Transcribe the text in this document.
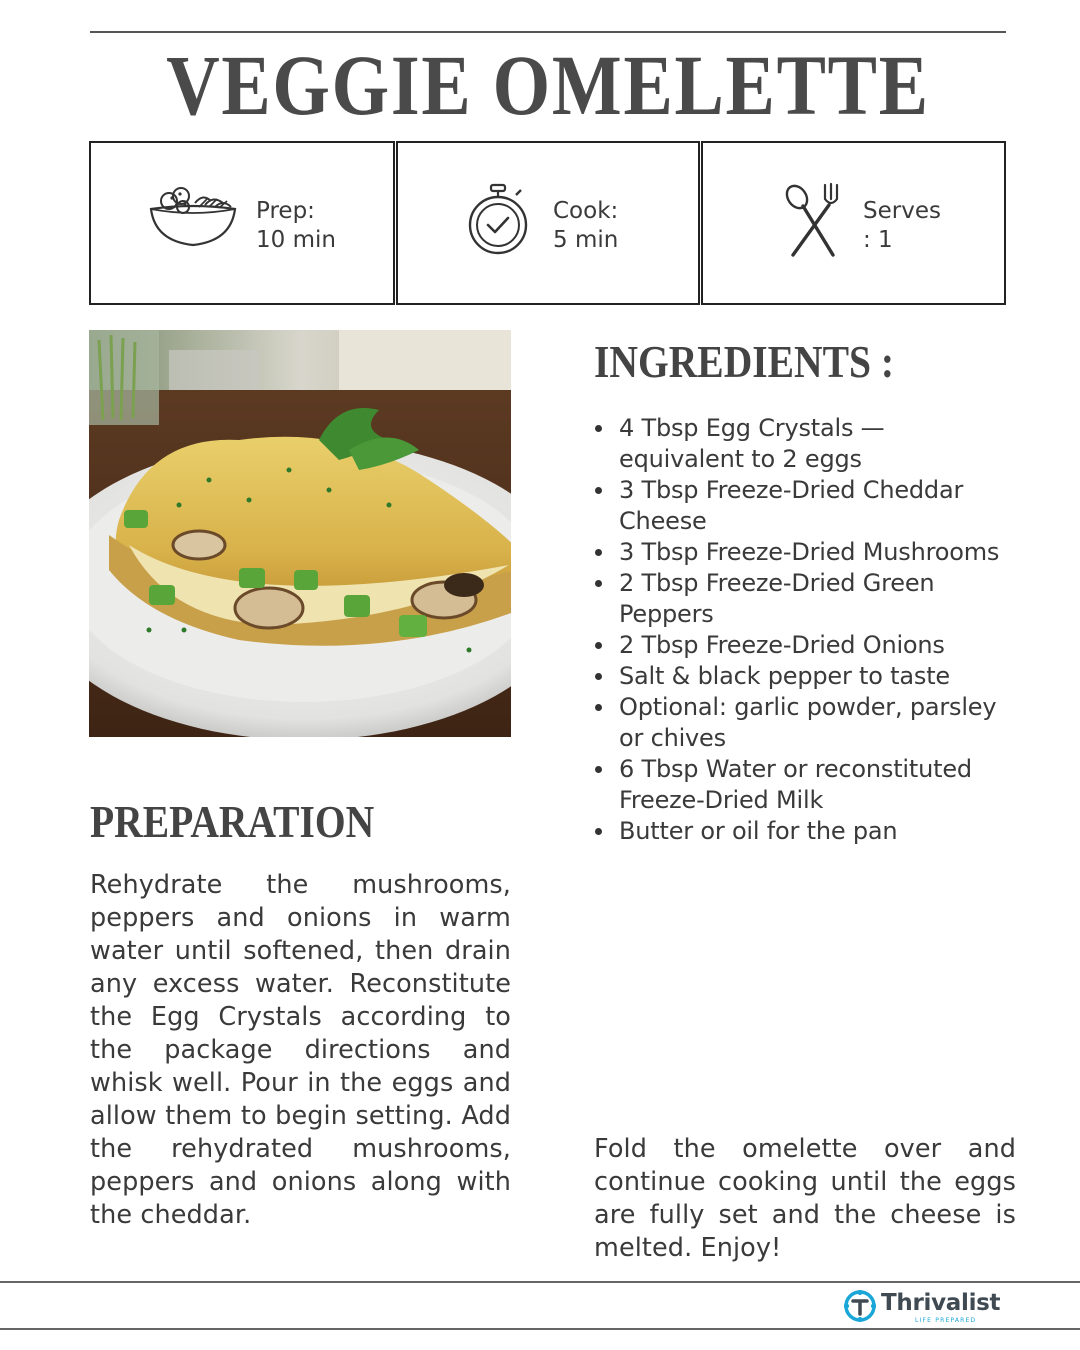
VEGGIE OMELETTE
Prep:
10 min
Cook:
5 min
Serves
: 1
INGREDIENTS :
4 Tbsp Egg Crystals — equivalent to 2 eggs
3 Tbsp Freeze-Dried Cheddar Cheese
3 Tbsp Freeze-Dried Mushrooms
2 Tbsp Freeze-Dried Green Peppers
2 Tbsp Freeze-Dried Onions
Salt & black pepper to taste
Optional: garlic powder, parsley or chives
6 Tbsp Water or reconstituted Freeze-Dried Milk
Butter or oil for the pan
PREPARATION

Rehydrate the mushrooms, peppers and onions in warm water until softened, then drain any excess water. Reconstitute the Egg Crystals according to the package directions and whisk well. Pour in the eggs and allow them to begin setting. Add the rehydrated mushrooms, peppers and onions along with the cheddar.

Fold the omelette over and continue cooking until the eggs are fully set and the cheese is melted. Enjoy!

Thrivalist
LIFE PREPARED
